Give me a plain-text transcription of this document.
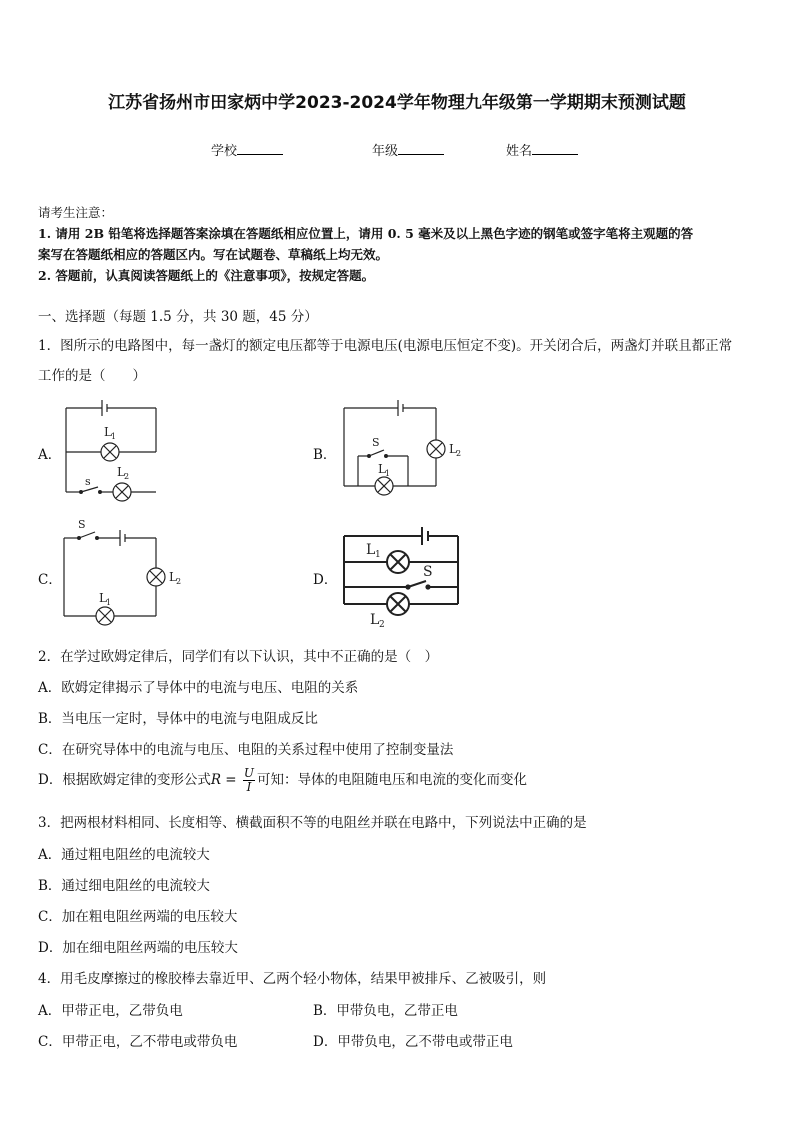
江苏省扬州市田家炳中学2023-2024学年物理九年级第一学期期末预测试题
学校	年级	姓名
请考生注意：
1. 请用 2B 铅笔将选择题答案涂填在答题纸相应位置上，请用 0. 5 毫米及以上黑色字迹的钢笔或签字笔将主观题的答
案写在答题纸相应的答题区内。写在试题卷、草稿纸上均无效。
2. 答题前，认真阅读答题纸上的《注意事项》，按规定答题。
一、选择题（每题 1.5 分，共 30 题，45 分）
1．图所示的电路图中，每一盏灯的额定电压都等于电源电压(电源电压恒定不变)。开关闭合后，两盏灯并联且都正常
工作的是（　　）
A．
L 1
s
L 2
B．
S
L 1
L 2
C．
S
L 2
L 1
D．
L 1
S
L 2
2．在学过欧姆定律后，同学们有以下认识，其中不正确的是（　）
A．欧姆定律揭示了导体中的电流与电压、电阻的关系
B．当电压一定时，导体中的电流与电阻成反比
C．在研究导体中的电流与电压、电阻的关系过程中使用了控制变量法
D．根据欧姆定律的变形公式$R = \frac{U}{I}$ 可知：导体的电阻随电压和电流的变化而变化
3．把两根材料相同、长度相等、横截面积不等的电阻丝并联在电路中，下列说法中正确的是
A．通过粗电阻丝的电流较大
B．通过细电阻丝的电流较大
C．加在粗电阻丝两端的电压较大
D．加在细电阻丝两端的电压较大
4．用毛皮摩擦过的橡胶棒去靠近甲、乙两个轻小物体，结果甲被排斥、乙被吸引，则
A．甲带正电，乙带负电	B．甲带负电，乙带正电
C．甲带正电，乙不带电或带负电	D．甲带负电，乙不带电或带正电
